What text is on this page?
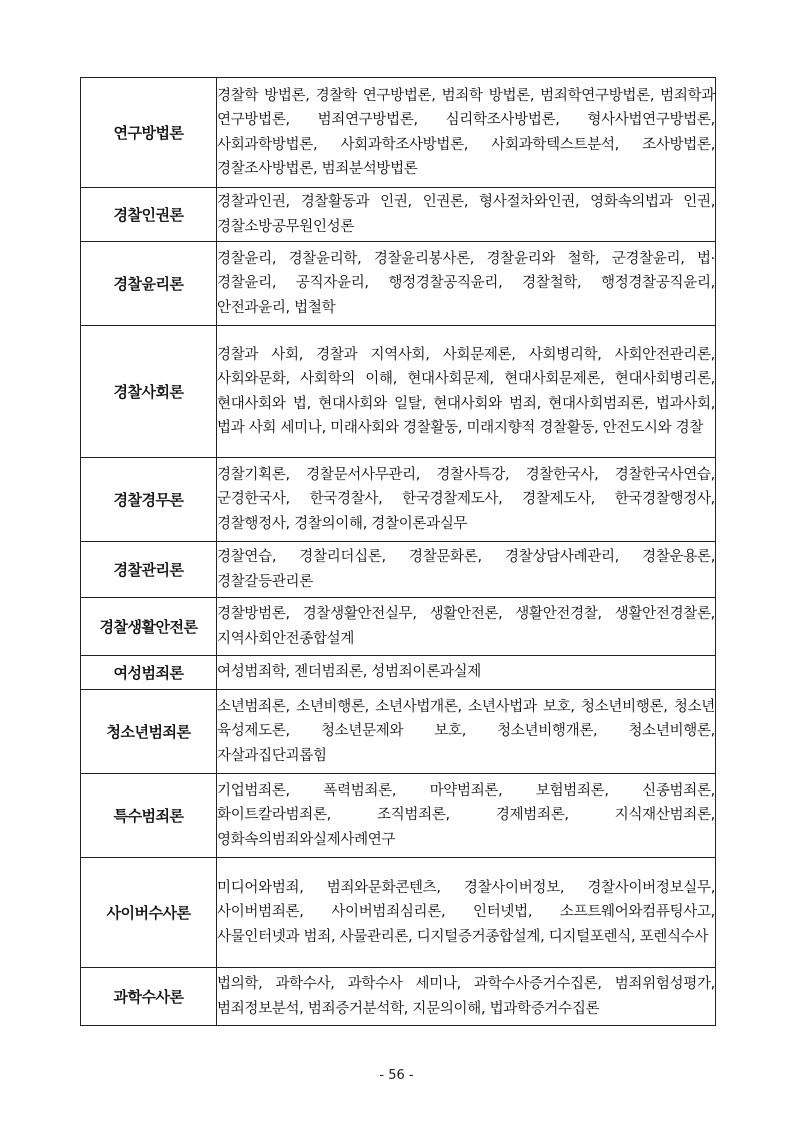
연구방법론	경찰학 방법론, 경찰학 연구방법론, 범죄학 방법론, 범죄학연구방법론, 범죄학과 연구방법론, 범죄연구방법론, 심리학조사방법론, 형사사법연구방법론, 사회과학방법론, 사회과학조사방법론, 사회과학텍스트분석, 조사방법론, 경찰조사방법론, 범죄분석방법론
경찰인권론	경찰과인권, 경찰활동과 인권, 인권론, 형사절차와인권, 영화속의법과 인권, 경찰소방공무원인성론
경찰윤리론	경찰윤리, 경찰윤리학, 경찰윤리봉사론, 경찰윤리와 철학, 군경찰윤리, 법·경찰윤리, 공직자윤리, 행정경찰공직윤리, 경찰철학, 행정경찰공직윤리, 안전과윤리, 법철학
경찰사회론	경찰과 사회, 경찰과 지역사회, 사회문제론, 사회병리학, 사회안전관리론, 사회와문화, 사회학의 이해, 현대사회문제, 현대사회문제론, 현대사회병리론, 현대사회와 법, 현대사회와 일탈, 현대사회와 범죄, 현대사회범죄론, 법과사회, 법과 사회 세미나, 미래사회와 경찰활동, 미래지향적 경찰활동, 안전도시와 경찰
경찰경무론	경찰기획론, 경찰문서사무관리, 경찰사특강, 경찰한국사, 경찰한국사연습, 군경한국사, 한국경찰사, 한국경찰제도사, 경찰제도사, 한국경찰행정사, 경찰행정사, 경찰의이해, 경찰이론과실무
경찰관리론	경찰연습, 경찰리더십론, 경찰문화론, 경찰상담사례관리, 경찰운용론, 경찰갈등관리론
경찰생활안전론	경찰방범론, 경찰생활안전실무, 생활안전론, 생활안전경찰, 생활안전경찰론, 지역사회안전종합설계
여성범죄론	여성범죄학, 젠더범죄론, 성범죄이론과실제
청소년범죄론	소년범죄론, 소년비행론, 소년사법개론, 소년사법과 보호, 청소년비행론, 청소년 육성제도론, 청소년문제와 보호, 청소년비행개론, 청소년비행론, 자살과집단괴롭힘
특수범죄론	기업범죄론, 폭력범죄론, 마약범죄론, 보험범죄론, 신종범죄론, 화이트칼라범죄론, 조직범죄론, 경제범죄론, 지식재산범죄론, 영화속의범죄와실제사례연구
사이버수사론	미디어와범죄, 범죄와문화콘텐츠, 경찰사이버정보, 경찰사이버정보실무, 사이버범죄론, 사이버범죄심리론, 인터넷법, 소프트웨어와컴퓨팅사고, 사물인터넷과 범죄, 사물관리론, 디지털증거종합설계, 디지털포렌식, 포렌식수사
과학수사론	법의학, 과학수사, 과학수사 세미나, 과학수사증거수집론, 범죄위험성평가, 범죄정보분석, 범죄증거분석학, 지문의이해, 법과학증거수집론
- 56 -
